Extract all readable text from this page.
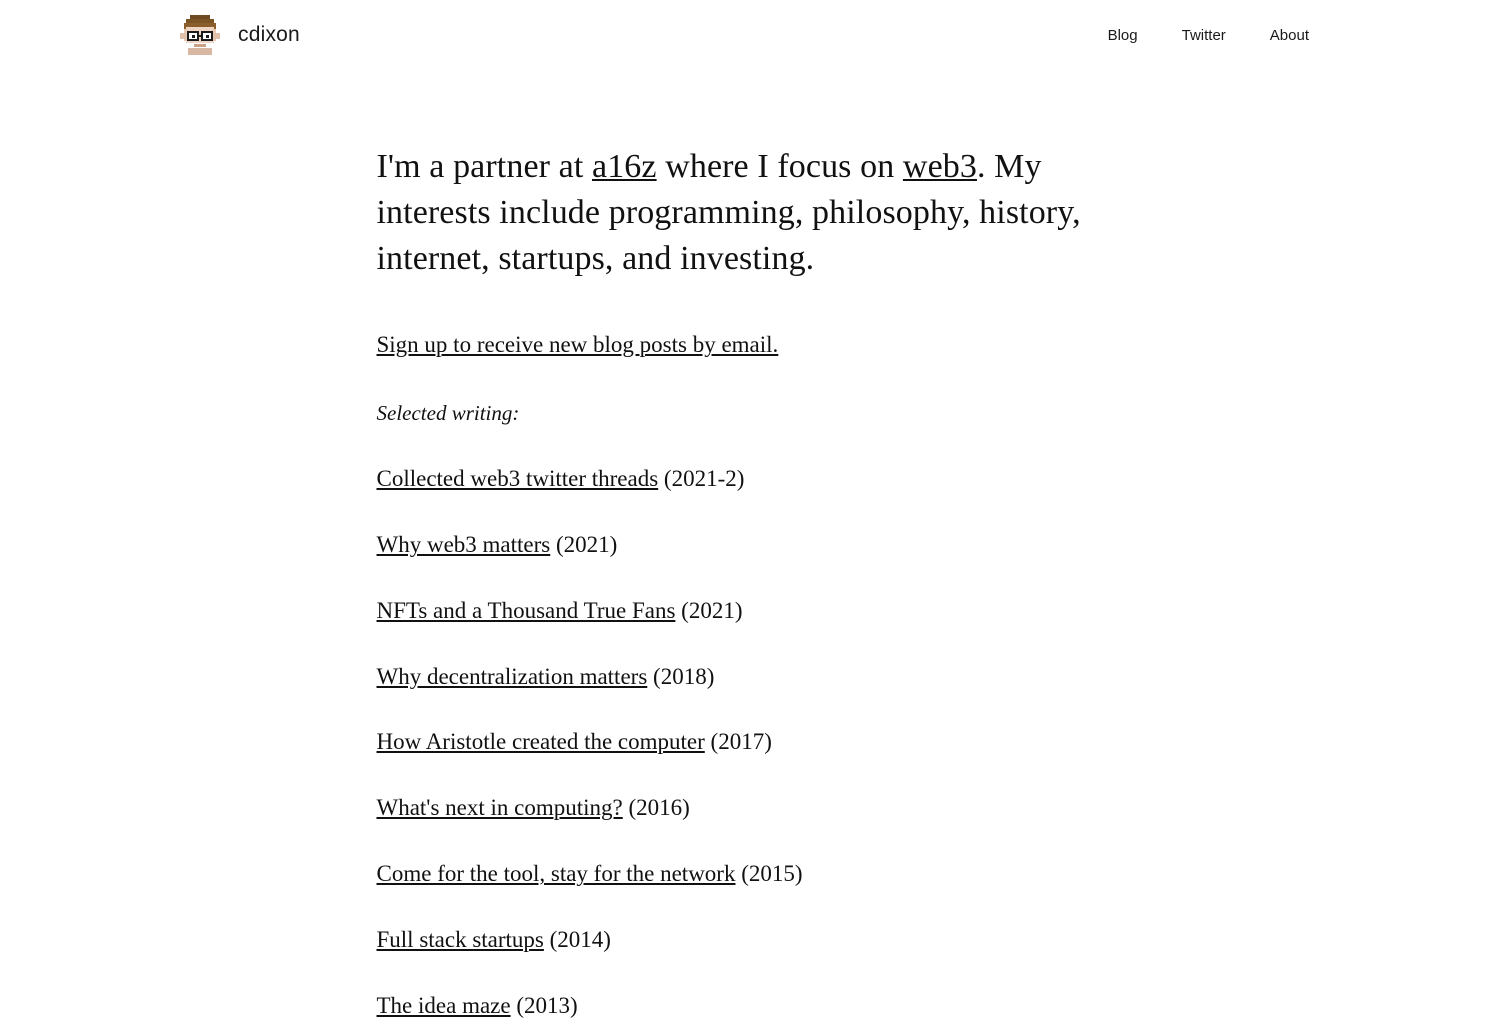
cdixon	Blog	Twitter	About

I'm a partner at a16z where I focus on web3. My interests include programming, philosophy, history, internet, startups, and investing.

Sign up to receive new blog posts by email.

Selected writing:

Collected web3 twitter threads (2021-2)
Why web3 matters (2021)
NFTs and a Thousand True Fans (2021)
Why decentralization matters (2018)
How Aristotle created the computer (2017)
What's next in computing? (2016)
Come for the tool, stay for the network (2015)
Full stack startups (2014)
The idea maze (2013)
